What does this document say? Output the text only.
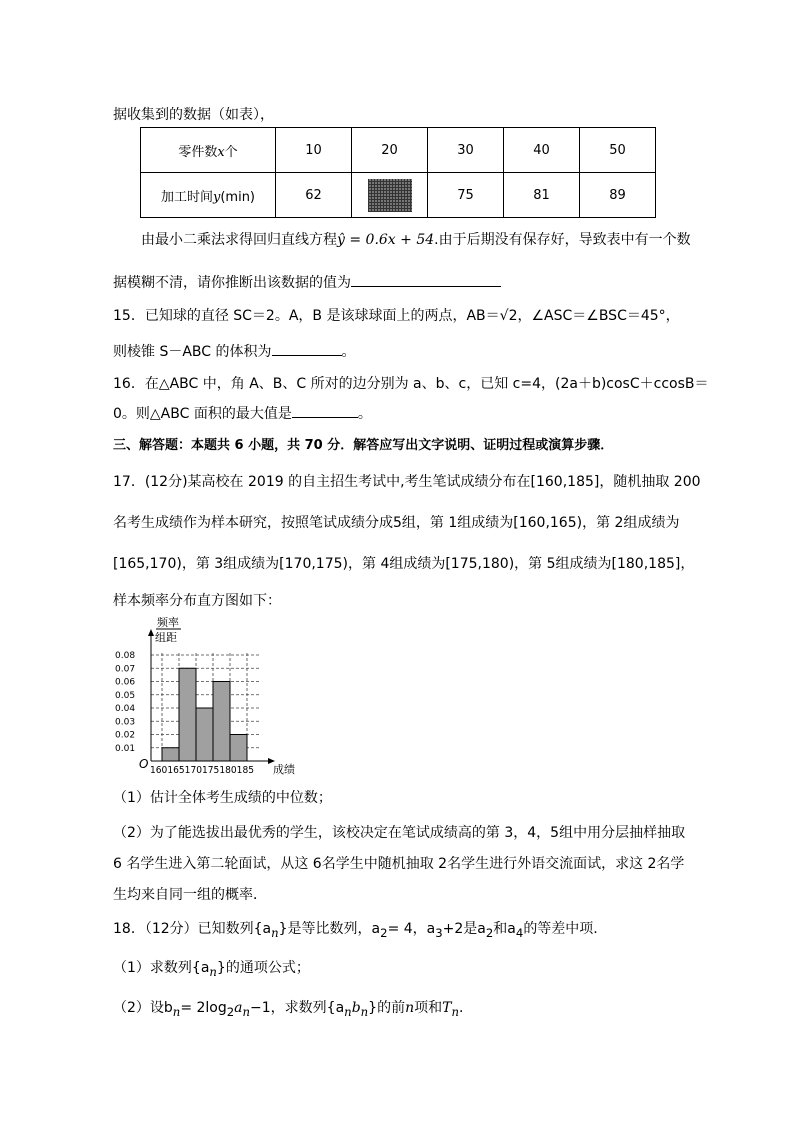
据收集到的数据（如表），
零件数x个	10	20	30	40	50
加工时间y(min)	62		75	81	89
由最小二乘法求得回归直线方程ŷ = 0.6x + 54.由于后期没有保存好，导致表中有一个数
据模糊不清，请你推断出该数据的值为
15．已知球的直径 SC＝2。A，B 是该球球面上的两点，AB＝√2，∠ASC＝∠BSC＝45°，
则棱锥 S－ABC 的体积为	。
16．在△ABC 中，角 A、B、C 所对的边分别为 a、b、c，已知 c=4，(2a＋b)cosC＋ccosB＝
0。则△ABC 面积的最大值是	。
三、解答题：本题共 6 小题，共 70 分．解答应写出文字说明、证明过程或演算步骤．
17．(12分)某高校在 2019 的自主招生考试中,考生笔试成绩分布在[160,185]，随机抽取 200
名考生成绩作为样本研究，按照笔试成绩分成5组，第 1组成绩为[160,165)，第 2组成绩为
[165,170)，第 3组成绩为[170,175)，第 4组成绩为[175,180)，第 5组成绩为[180,185]，
样本频率分布直方图如下：
频率
组距
0.01
0.02
0.03
0.04
0.05
0.06
0.07
0.08
O 160165170175180185 成绩
（1）估计全体考生成绩的中位数；
（2）为了能选拔出最优秀的学生，该校决定在笔试成绩高的第 3，4，5组中用分层抽样抽取
6 名学生进入第二轮面试，从这 6名学生中随机抽取 2名学生进行外语交流面试，求这 2名学
生均来自同一组的概率．
18．（12分）已知数列$\{a_n\}$是等比数列，$a_2= 4$，$a_3+2$是$a_2$和$a_4$的等差中项.
（1）求数列$\{a_n\}$的通项公式；
（2）设$b_n= 2\log_2a_n-1$，求数列$\{a_nb_n\}$的前n项和$T_n$.
